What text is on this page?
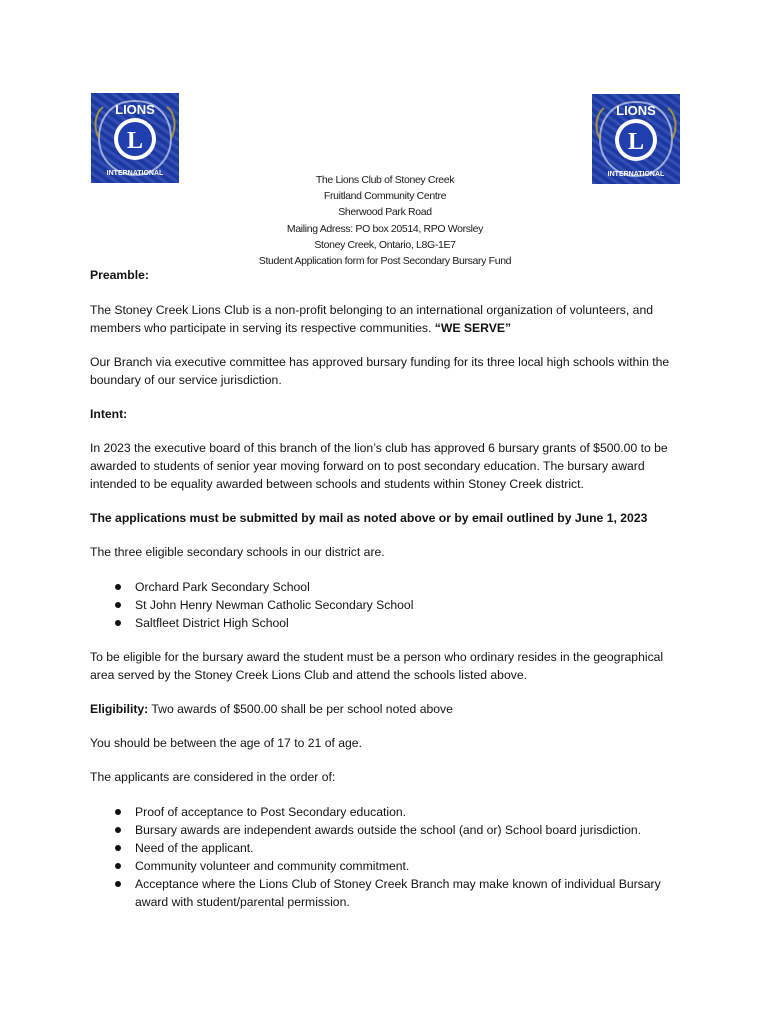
LIONS
L
INTERNATIONAL
LIONS
L
INTERNATIONAL
The Lions Club of Stoney Creek
Fruitland Community Centre
Sherwood Park Road
Mailing Adress: PO box 20514, RPO Worsley
Stoney Creek, Ontario, L8G-1E7
Student Application form for Post Secondary Bursary Fund

Preamble:

The Stoney Creek Lions Club is a non-profit belonging to an international organization of volunteers, and members who participate in serving its respective communities. “WE SERVE”

Our Branch via executive committee has approved bursary funding for its three local high schools within the boundary of our service jurisdiction.

Intent:

In 2023 the executive board of this branch of the lion’s club has approved 6 bursary grants of $500.00 to be awarded to students of senior year moving forward on to post secondary education. The bursary award intended to be equality awarded between schools and students within Stoney Creek district.

The applications must be submitted by mail as noted above or by email outlined by June 1, 2023

The three eligible secondary schools in our district are.

Orchard Park Secondary School
St John Henry Newman Catholic Secondary School
Saltfleet District High School

To be eligible for the bursary award the student must be a person who ordinary resides in the geographical area served by the Stoney Creek Lions Club and attend the schools listed above.

Eligibility: Two awards of $500.00 shall be per school noted above

You should be between the age of 17 to 21 of age.

The applicants are considered in the order of:

Proof of acceptance to Post Secondary education.
Bursary awards are independent awards outside the school (and or) School board jurisdiction.
Need of the applicant.
Community volunteer and community commitment.
Acceptance where the Lions Club of Stoney Creek Branch may make known of individual Bursary award with student/parental permission.
